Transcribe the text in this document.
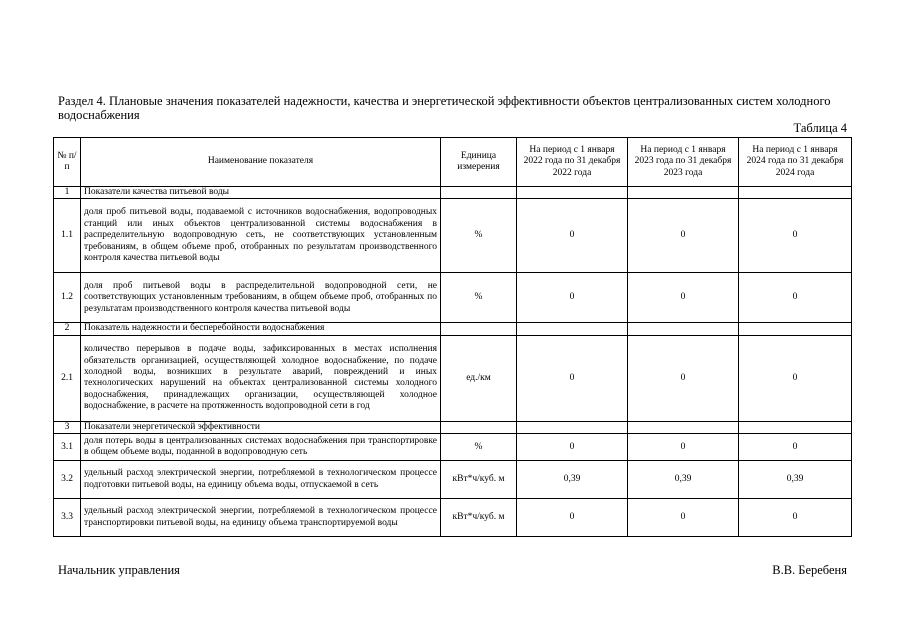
Раздел 4. Плановые значения показателей надежности, качества и энергетической эффективности объектов централизованных систем холодного водоснабжения
Таблица 4
№ п/п	Наименование показателя	Единица измерения	На период с 1 января 2022 года по 31 декабря 2022 года	На период с 1 января 2023 года по 31 декабря 2023 года	На период с 1 января 2024 года по 31 декабря 2024 года
1	Показатели качества питьевой воды				
1.1	доля проб питьевой воды, подаваемой с источников водоснабжения, водопроводных станций или иных объектов централизованной системы водоснабжения в распределительную водопроводную сеть, не соответствующих установленным требованиям, в общем объеме проб, отобранных по результатам производственного контроля качества питьевой воды	%	0	0	0
1.2	доля проб питьевой воды в распределительной водопроводной сети, не соответствующих установленным требованиям, в общем объеме проб, отобранных по результатам производственного контроля качества питьевой воды	%	0	0	0
2	Показатель надежности и бесперебойности водоснабжения				
2.1	количество перерывов в подаче воды, зафиксированных в местах исполнения обязательств организацией, осуществляющей холодное водоснабжение, по подаче холодной воды, возникших в результате аварий, повреждений и иных технологических нарушений на объектах централизованной системы холодного водоснабжения, принадлежащих организации, осуществляющей холодное водоснабжение, в расчете на протяженность водопроводной сети в год	ед./км	0	0	0
3	Показатели энергетической эффективности				
3.1	доля потерь воды в централизованных системах водоснабжения при транспортировке в общем объеме воды, поданной в водопроводную сеть	%	0	0	0
3.2	удельный расход электрической энергии, потребляемой в технологическом процессе подготовки питьевой воды, на единицу объема воды, отпускаемой в сеть	кВт*ч/куб. м	0,39	0,39	0,39
3.3	удельный расход электрической энергии, потребляемой в технологическом процессе транспортировки питьевой воды, на единицу объема транспортируемой воды	кВт*ч/куб. м	0	0	0
Начальник управления	В.В. Беребеня
